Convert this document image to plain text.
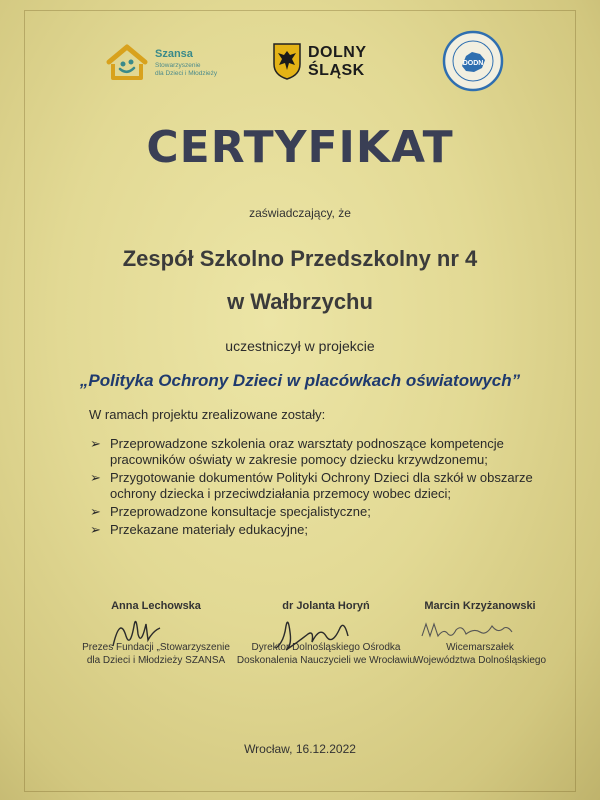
Szansa
Stowarzyszenie
dla Dzieci i Młodzieży
DOLNY
ŚLĄSK	DODN
CERTYFIKAT
zaświadczający, że
Zespół Szkolno Przedszkolny nr 4
w Wałbrzychu
uczestniczył w projekcie
„Polityka Ochrony Dzieci w placówkach oświatowych”
W ramach projektu zrealizowane zostały:
➢ Przeprowadzone szkolenia oraz warsztaty podnoszące kompetencje pracowników oświaty w zakresie pomocy dziecku krzywdzonemu;
➢ Przygotowanie dokumentów Polityki Ochrony Dzieci dla szkół w obszarze ochrony dziecka i przeciwdziałania przemocy wobec dzieci;
➢ Przeprowadzone konsultacje specjalistyczne;
➢ Przekazane materiały edukacyjne;
Anna Lechowska
Prezes Fundacji „Stowarzyszenie
dla Dzieci i Młodzieży SZANSA
dr Jolanta Horyń
Dyrektor Dolnośląskiego Ośrodka
Doskonalenia Nauczycieli we Wrocławiu
Marcin Krzyżanowski
Wicemarszałek
Województwa Dolnośląskiego
Wrocław, 16.12.2022
